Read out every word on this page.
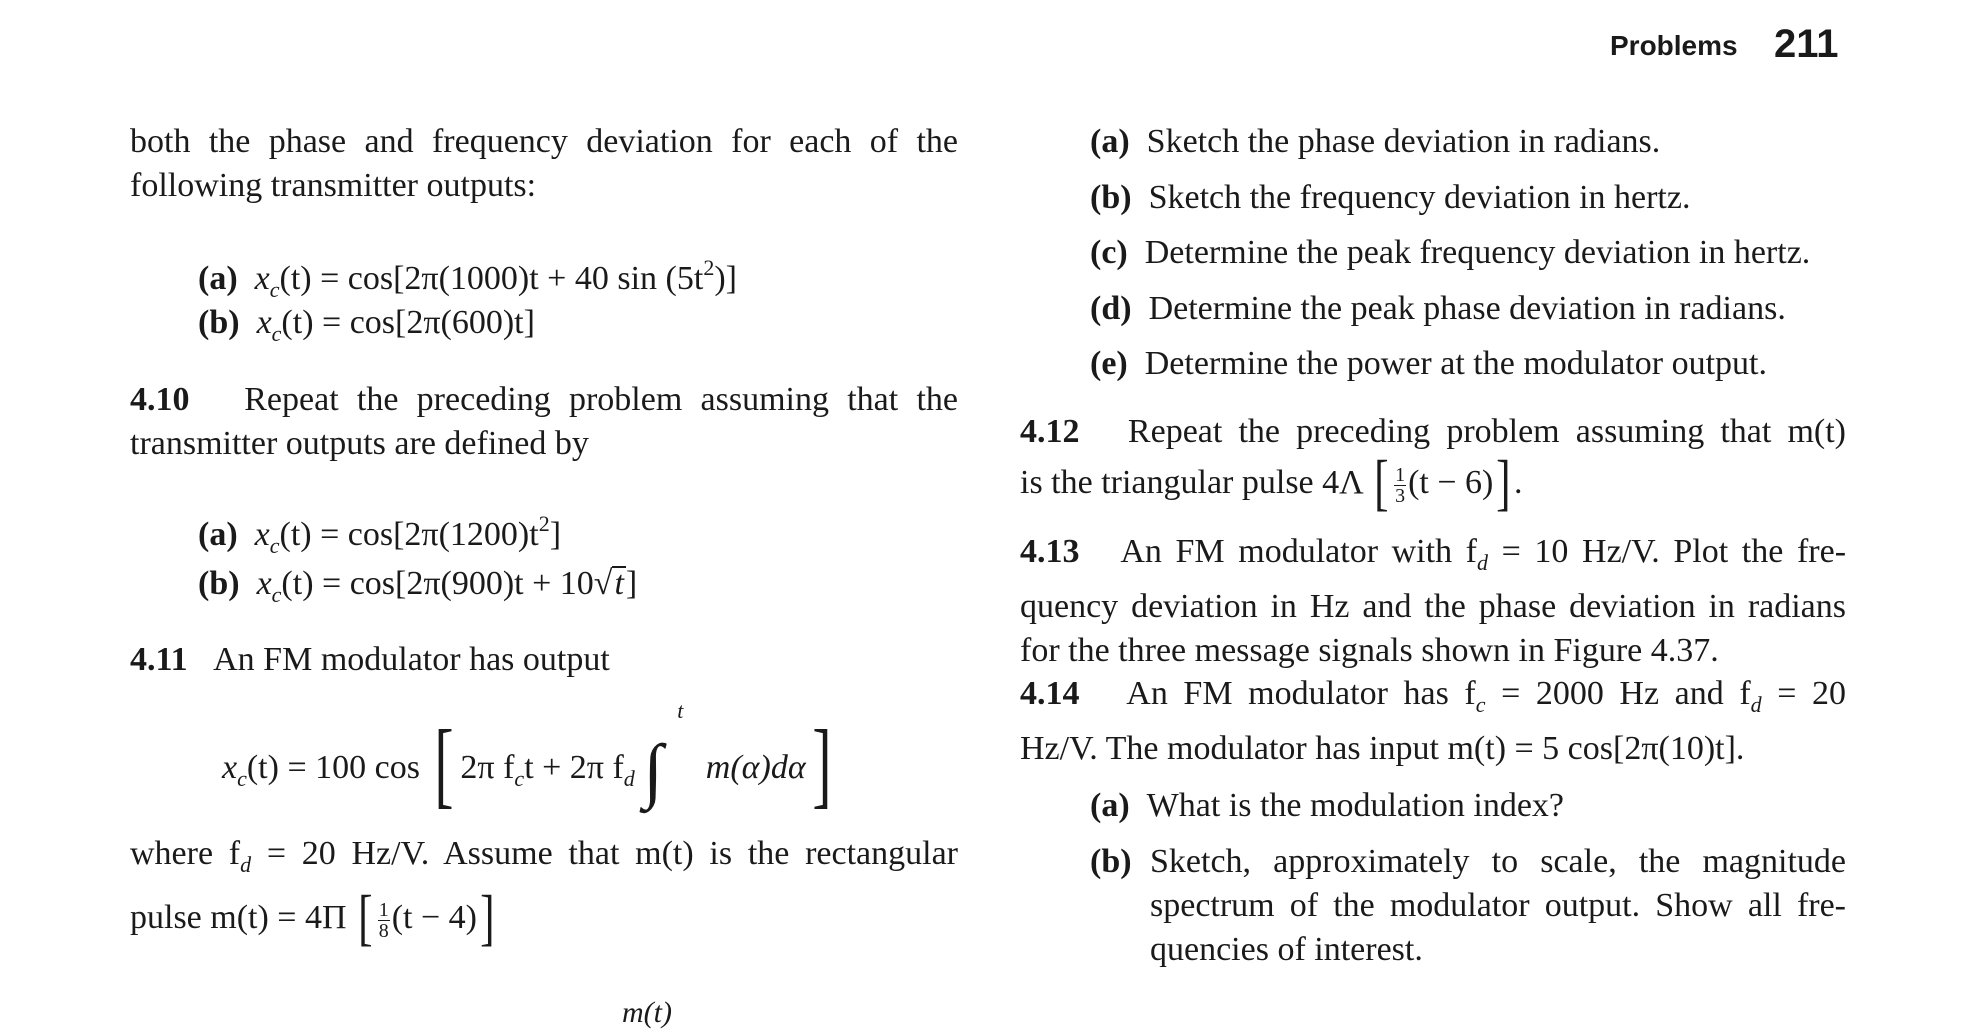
Problems 211
both the phase and frequency deviation for each of the
following transmitter outputs:
(a) $x_c(t) = \cos[2\pi(1000)t + 40$ $\sin (5t^2)$]
(b) $x_c(t) = \cos[2\pi(600)t]$
4.10 Repeat the preceding problem assuming that the
transmitter outputs are defined by
(a) $x_c(t) = \cos[2\pi(1200)t^2]$
(b) $x_c(t) = \cos[2\pi(900)t + 10√t]$
4.11 An FM modulator has output
$x_c(t) = 100$ cos [ 2π $f_ct + 2\pi$ $f_d$ ∫
t
m(α)dα]
where $f_d = 20$ Hz/V. Assume that m(t) is the rectangular
pulse m(t) = 4Π [ $\frac{1}{8} (t - 4)$]
m(t)
(a) Sketch the phase deviation in radians.
(b) Sketch the frequency deviation in hertz.
(c) Determine the peak frequency deviation in hertz.
(d) Determine the peak phase deviation in radians.
(e) Determine the power at the modulator output.
4.12 Repeat the preceding problem assuming that m(t)
is the triangular pulse 4Λ [ $\frac{1}{3} (t - 6)$].
4.13 An FM modulator with $f_d = 10$ Hz/V. Plot the fre-
quency deviation in Hz and the phase deviation in radians
for the three message signals shown in Figure 4.37.
4.14 An FM modulator has $f_c = 2000$ Hz and $f_d = 20$
Hz/V. The modulator has input m(t) = 5 cos[2π(10)t].
(a) What is the modulation index?
(b) Sketch, approximately to scale, the magnitude
spectrum of the modulator output. Show all fre-
quencies of interest.
